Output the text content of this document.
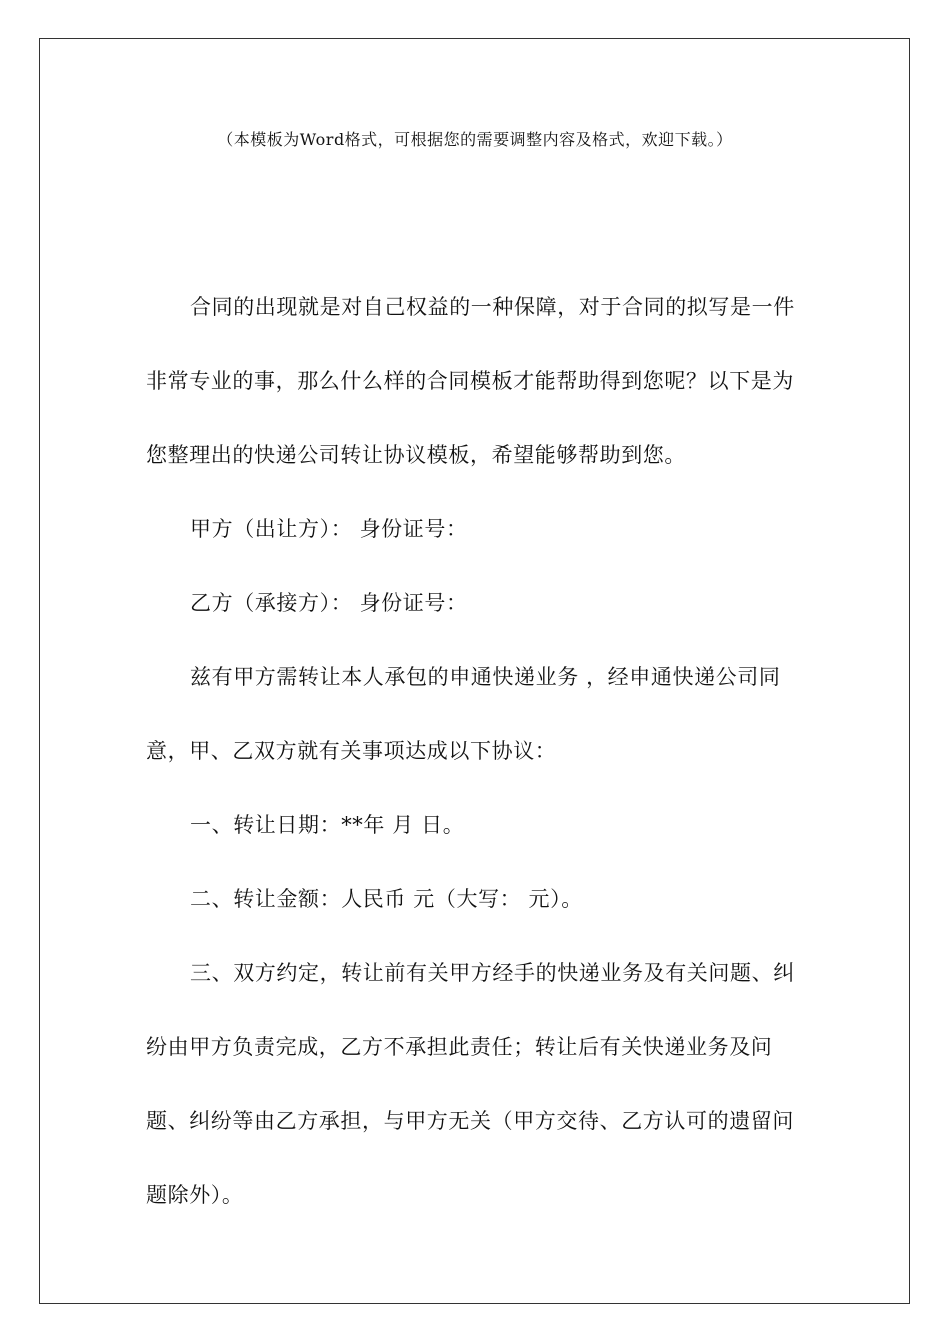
（本模板为Word格式，可根据您的需要调整内容及格式，欢迎下载。）

合同的出现就是对自己权益的一种保障，对于合同的拟写是一件非常专业的事，那么什么样的合同模板才能帮助得到您呢？以下是为您整理出的快递公司转让协议模板，希望能够帮助到您。

甲方（出让方）： 身份证号：

乙方（承接方）： 身份证号：

兹有甲方需转让本人承包的申通快递业务 ，经申通快递公司同意，甲、乙双方就有关事项达成以下协议：

一、转让日期：**年 月 日。

二、转让金额：人民币 元（大写： 元）。

三、双方约定，转让前有关甲方经手的快递业务及有关问题、纠纷由甲方负责完成，乙方不承担此责任；转让后有关快递业务及问题、纠纷等由乙方承担，与甲方无关（甲方交待、乙方认可的遗留问题除外）。
